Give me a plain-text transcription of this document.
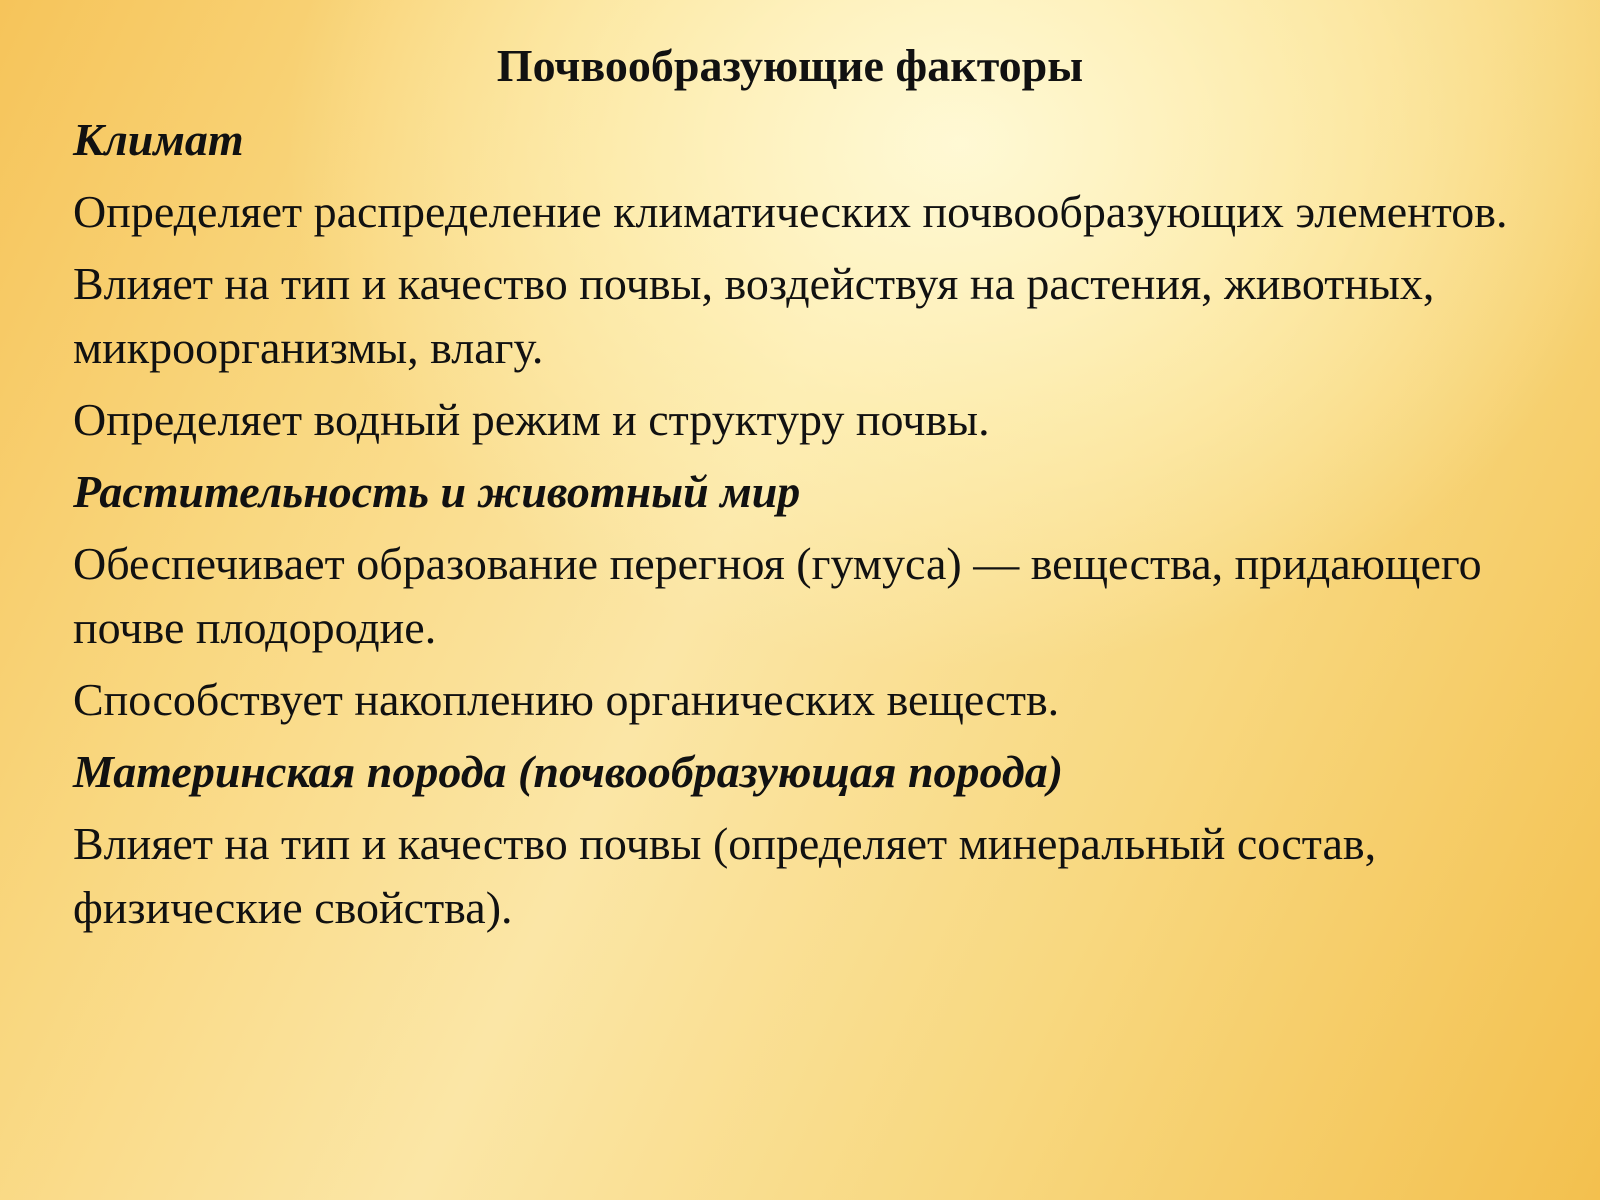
Почвообразующие факторы

Климат

Определяет распределение климатических почвообразующих элементов.

Влияет на тип и качество почвы, воздействуя на растения, животных, микроорганизмы, влагу.

Определяет водный режим и структуру почвы.

Растительность и животный мир

Обеспечивает образование перегноя (гумуса) — вещества, придающего почве плодородие.

Способствует накоплению органических веществ.

Материнская порода (почвообразующая порода)

Влияет на тип и качество почвы (определяет минеральный состав, физические свойства).
